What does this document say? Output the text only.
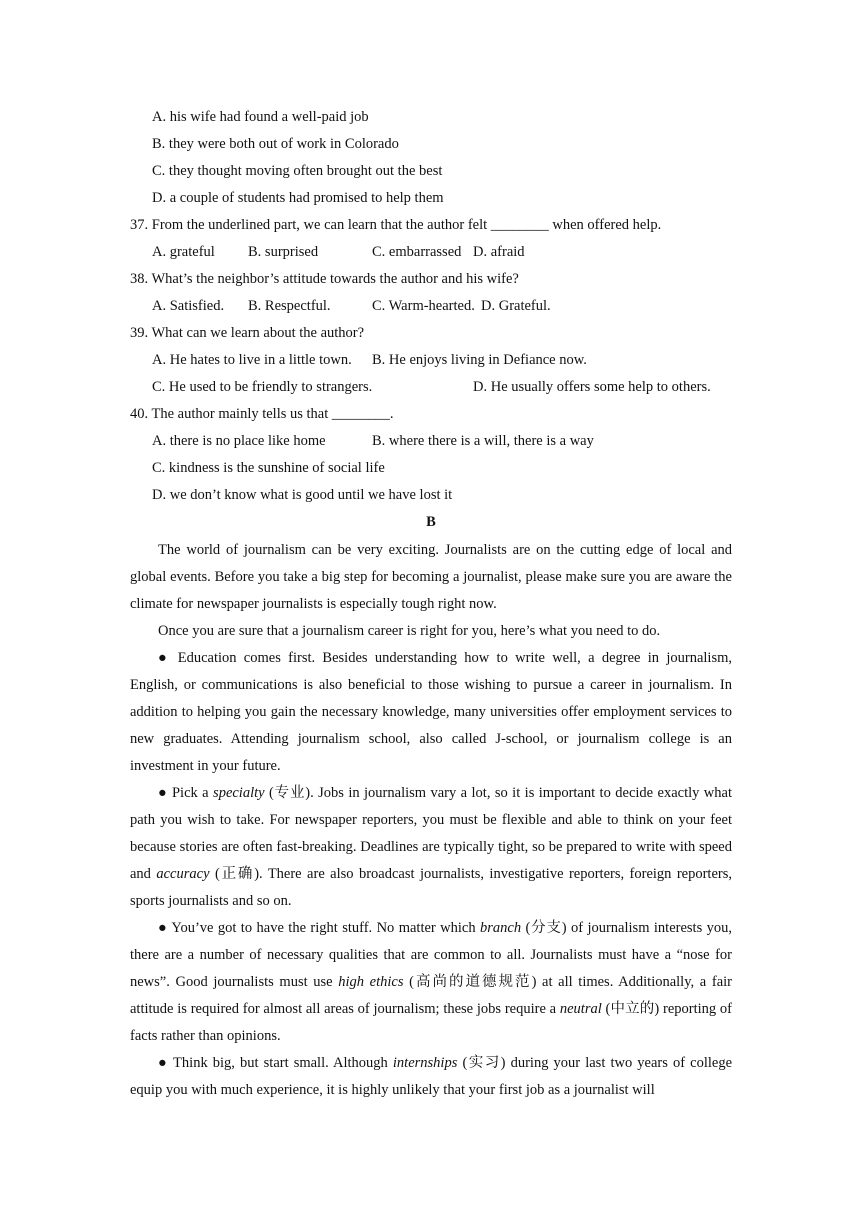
A. his wife had found a well-paid job
B. they were both out of work in Colorado
C. they thought moving often brought out the best
D. a couple of students had promised to help them
37. From the underlined part, we can learn that the author felt ________ when offered help.
A. grateful B. surprised	C. embarrassed D. afraid
38. What’s the neighbor’s attitude towards the author and his wife?
A. Satisfied. B. Respectful.	C. Warm-hearted. D. Grateful.
39. What can we learn about the author?
A. He hates to live in a little town. B. He enjoys living in Defiance now.
C. He used to be friendly to strangers.	D. He usually offers some help to others.
40. The author mainly tells us that ________.
A. there is no place like home	B. where there is a will, there is a way
C. kindness is the sunshine of social life
D. we don’t know what is good until we have lost it
B
The world of journalism can be very exciting. Journalists are on the cutting edge of local and global events. Before you take a big step for becoming a journalist, please make sure you are aware the climate for newspaper journalists is especially tough right now.
Once you are sure that a journalism career is right for you, here’s what you need to do.
● Education comes first. Besides understanding how to write well, a degree in journalism, English, or communications is also beneficial to those wishing to pursue a career in journalism. In addition to helping you gain the necessary knowledge, many universities offer employment services to new graduates. Attending journalism school, also called J-school, or journalism college is an investment in your future.
● Pick a specialty (专业). Jobs in journalism vary a lot, so it is important to decide exactly what path you wish to take. For newspaper reporters, you must be flexible and able to think on your feet because stories are often fast-breaking. Deadlines are typically tight, so be prepared to write with speed and accuracy (正确). There are also broadcast journalists, investigative reporters, foreign reporters, sports journalists and so on.
● You’ve got to have the right stuff. No matter which branch (分支) of journalism interests you, there are a number of necessary qualities that are common to all. Journalists must have a “nose for news”. Good journalists must use high ethics (高尚的道德规范) at all times. Additionally, a fair attitude is required for almost all areas of journalism; these jobs require a neutral (中立的) reporting of facts rather than opinions.
● Think big, but start small. Although internships (实习) during your last two years of college equip you with much experience, it is highly unlikely that your first job as a journalist will
